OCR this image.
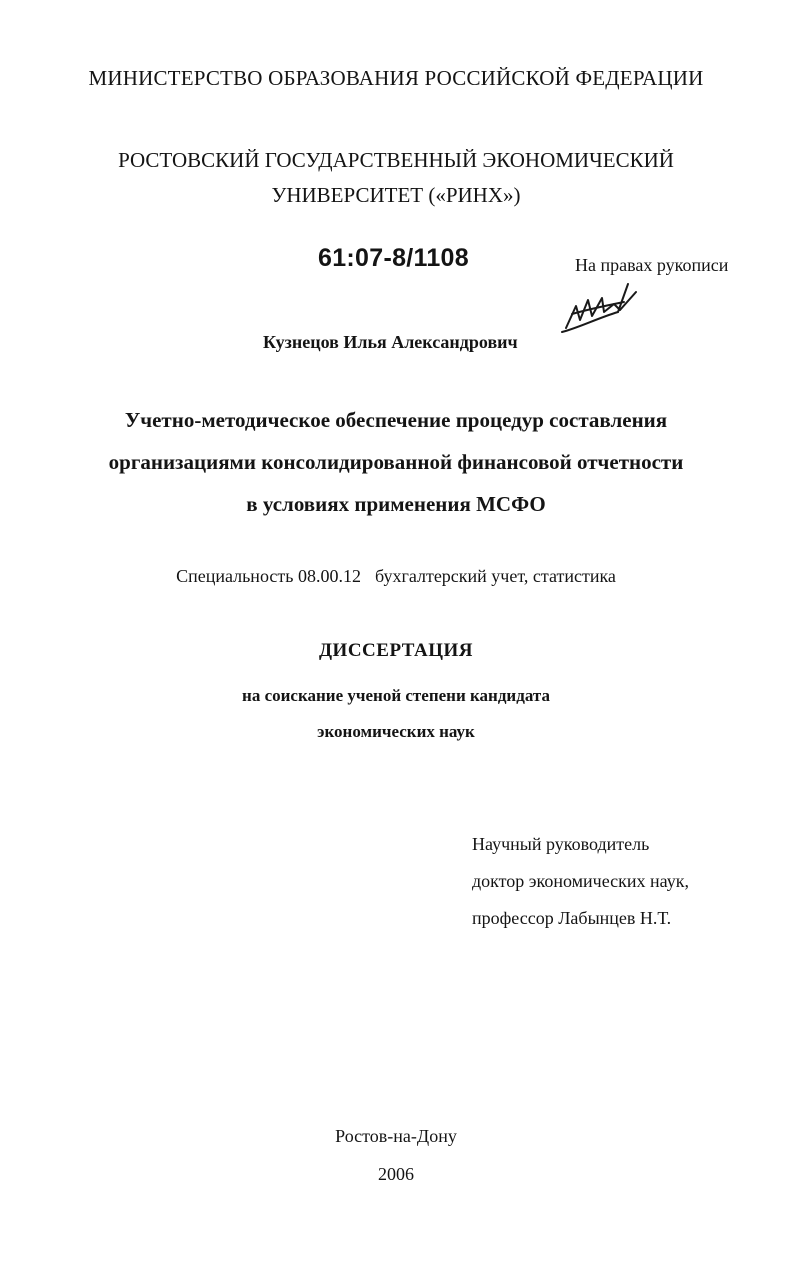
МИНИСТЕРСТВО ОБРАЗОВАНИЯ РОССИЙСКОЙ ФЕДЕРАЦИИ
РОСТОВСКИЙ ГОСУДАРСТВЕННЫЙ ЭКОНОМИЧЕСКИЙ
УНИВЕРСИТЕТ («РИНХ»)
61:07-8/1108	На правах рукописи
Кузнецов Илья Александрович
Учетно-методическое обеспечение процедур составления
организациями консолидированной финансовой отчетности
в условиях применения МСФО
Специальность 08.00.12 бухгалтерский учет, статистика
ДИССЕРТАЦИЯ
на соискание ученой степени кандидата
экономических наук
Научный руководитель
доктор экономических наук,
профессор Лабынцев Н.Т.
Ростов-на-Дону
2006
